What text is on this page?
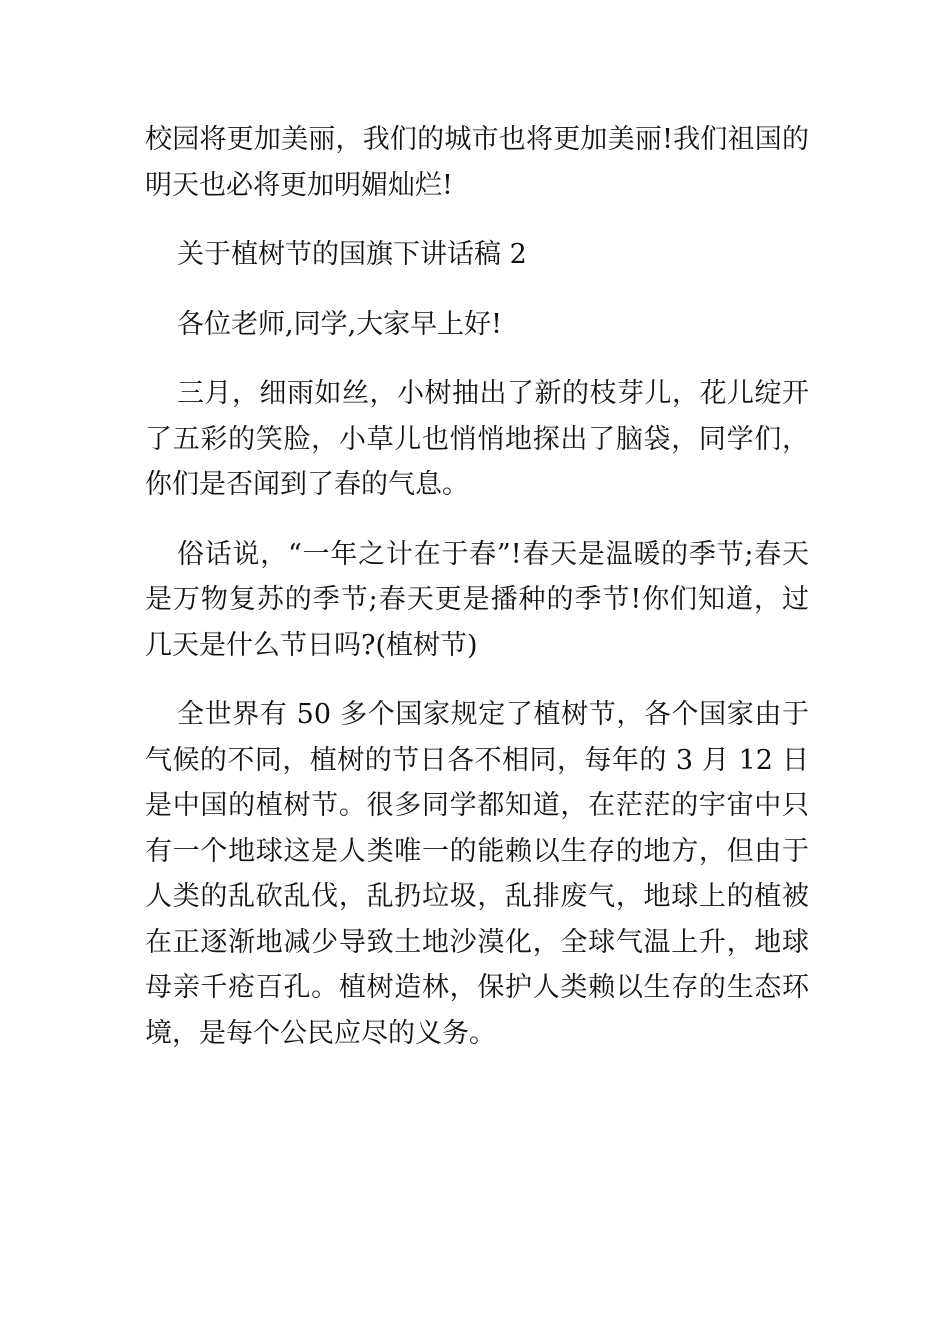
校园将更加美丽，我们的城市也将更加美丽!我们祖国的明天也必将更加明媚灿烂!

关于植树节的国旗下讲话稿 2

各位老师,同学,大家早上好!

三月，细雨如丝，小树抽出了新的枝芽儿，花儿绽开了五彩的笑脸，小草儿也悄悄地探出了脑袋，同学们，你们是否闻到了春的气息。

俗话说，“一年之计在于春”!春天是温暖的季节;春天是万物复苏的季节;春天更是播种的季节!你们知道，过几天是什么节日吗?(植树节)

全世界有 50 多个国家规定了植树节，各个国家由于气候的不同，植树的节日各不相同，每年的 3 月 12 日是中国的植树节。很多同学都知道，在茫茫的宇宙中只有一个地球这是人类唯一的能赖以生存的地方，但由于人类的乱砍乱伐，乱扔垃圾，乱排废气，地球上的植被在正逐渐地减少导致土地沙漠化，全球气温上升，地球母亲千疮百孔。植树造林，保护人类赖以生存的生态环境，是每个公民应尽的义务。
